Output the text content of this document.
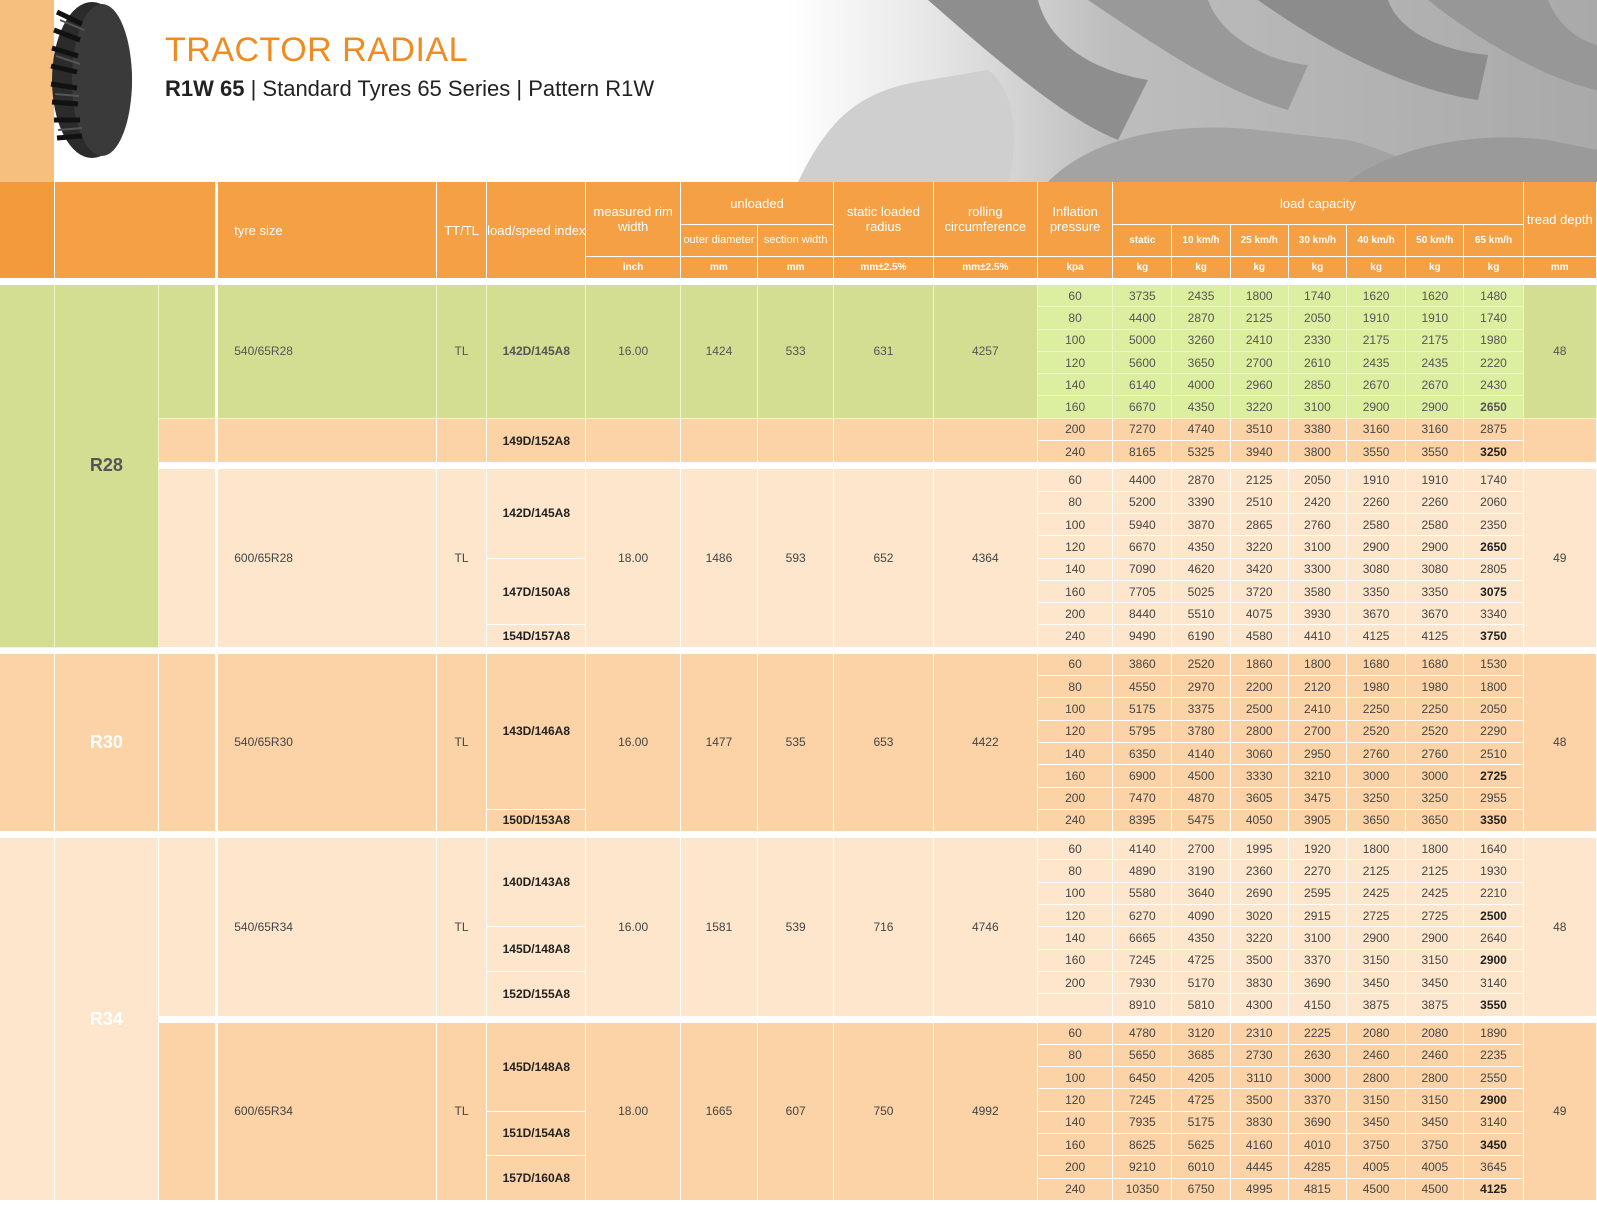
TRACTOR RADIAL
R1W 65 | Standard Tyres 65 Series | Pattern R1W
			tyre size	TT/TL	load/speed index	measured rim width	unloaded		static loaded radius	rolling circumference	Inflation pressure	load capacity							tread depth
							outer diameter	section width				static	10 km/h	25 km/h	30 km/h	40 km/h	50 km/h	65 km/h	
						inch	mm	mm	mm±2.5%	mm±2.5%	kpa	kg	kg	kg	kg	kg	kg	kg	mm

	R28		540/65R28	TL	142D/145A8	16.00	1424	533	631	4257	60	3735	2435	1800	1740	1620	1620	1480	48
											80	4400	2870	2125	2050	1910	1910	1740	
											100	5000	3260	2410	2330	2175	2175	1980	
											120	5600	3650	2700	2610	2435	2435	2220	
											140	6140	4000	2960	2850	2670	2670	2430	
											160	6670	4350	3220	3100	2900	2900	2650	
					149D/152A8						200	7270	4740	3510	3380	3160	3160	2875	
											240	8165	5325	3940	3800	3550	3550	3250	

			600/65R28	TL	142D/145A8	18.00	1486	593	652	4364	60	4400	2870	2125	2050	1910	1910	1740	49
											80	5200	3390	2510	2420	2260	2260	2060	
											100	5940	3870	2865	2760	2580	2580	2350	
											120	6670	4350	3220	3100	2900	2900	2650	
					147D/150A8						140	7090	4620	3420	3300	3080	3080	2805	
											160	7705	5025	3720	3580	3350	3350	3075	
											200	8440	5510	4075	3930	3670	3670	3340	
					154D/157A8						240	9490	6190	4580	4410	4125	4125	3750	

	R30		540/65R30	TL	143D/146A8	16.00	1477	535	653	4422	60	3860	2520	1860	1800	1680	1680	1530	48
											80	4550	2970	2200	2120	1980	1980	1800	
											100	5175	3375	2500	2410	2250	2250	2050	
											120	5795	3780	2800	2700	2520	2520	2290	
											140	6350	4140	3060	2950	2760	2760	2510	
											160	6900	4500	3330	3210	3000	3000	2725	
											200	7470	4870	3605	3475	3250	3250	2955	
					150D/153A8						240	8395	5475	4050	3905	3650	3650	3350	

	R34		540/65R34	TL	140D/143A8	16.00	1581	539	716	4746	60	4140	2700	1995	1920	1800	1800	1640	48
											80	4890	3190	2360	2270	2125	2125	1930	
											100	5580	3640	2690	2595	2425	2425	2210	
											120	6270	4090	3020	2915	2725	2725	2500	
					145D/148A8						140	6665	4350	3220	3100	2900	2900	2640	
											160	7245	4725	3500	3370	3150	3150	2900	
					152D/155A8						200	7930	5170	3830	3690	3450	3450	3140	
												8910	5810	4300	4150	3875	3875	3550	

			600/65R34	TL	145D/148A8	18.00	1665	607	750	4992	60	4780	3120	2310	2225	2080	2080	1890	49
											80	5650	3685	2730	2630	2460	2460	2235	
											100	6450	4205	3110	3000	2800	2800	2550	
											120	7245	4725	3500	3370	3150	3150	2900	
					151D/154A8						140	7935	5175	3830	3690	3450	3450	3140	
											160	8625	5625	4160	4010	3750	3750	3450	
					157D/160A8						200	9210	6010	4445	4285	4005	4005	3645	
											240	10350	6750	4995	4815	4500	4500	4125	
